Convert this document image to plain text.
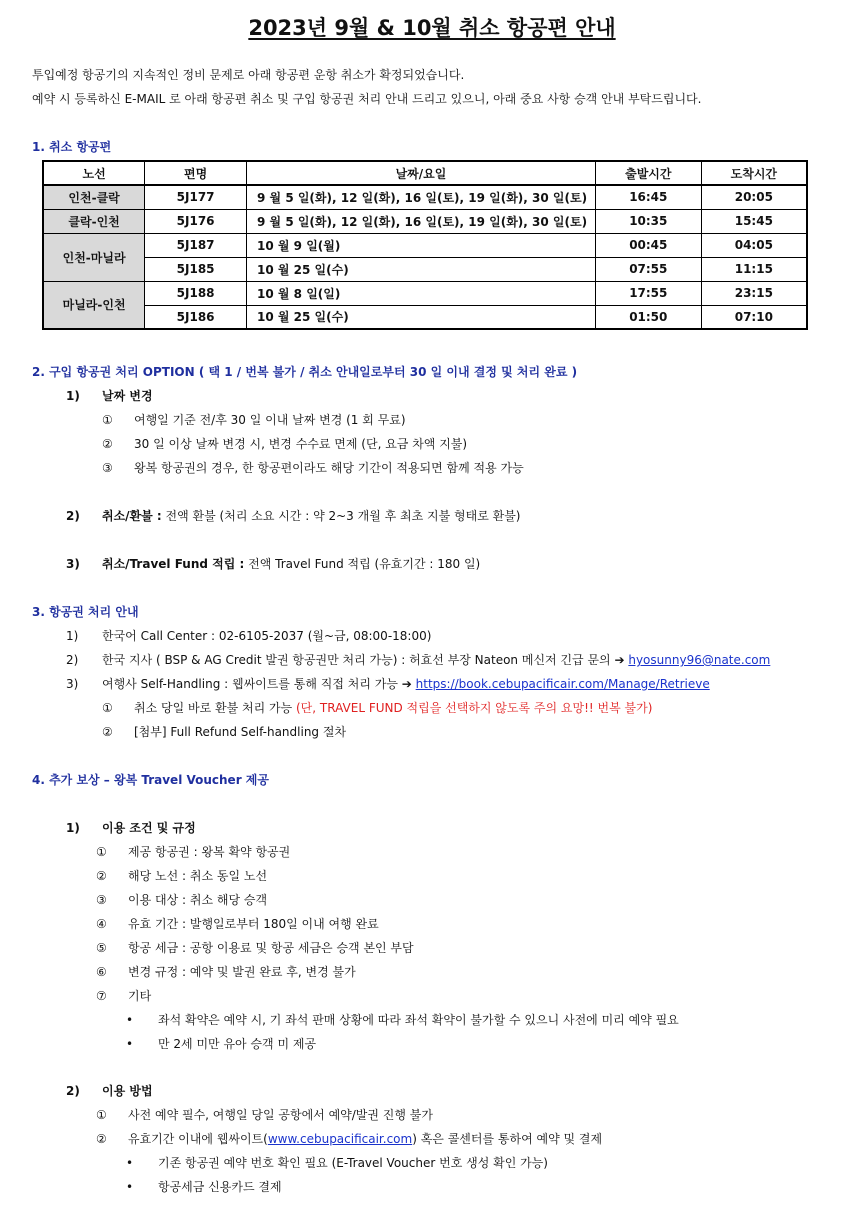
2023년 9월 & 10월 취소 항공편 안내
투입예정 항공기의 지속적인 정비 문제로 아래 항공편 운항 취소가 확정되었습니다.
예약 시 등록하신 E-MAIL 로 아래 항공편 취소 및 구입 항공권 처리 안내 드리고 있으니, 아래 중요 사항 승객 안내 부탁드립니다.
1. 취소 항공편
노선	편명	날짜/요일	출발시간	도착시간
인천-클락	5J177	9 월 5 일(화), 12 일(화), 16 일(토), 19 일(화), 30 일(토)	16:45	20:05
클락-인천	5J176	9 월 5 일(화), 12 일(화), 16 일(토), 19 일(화), 30 일(토)	10:35	15:45
인천-마닐라	5J187	10 월 9 일(월)	00:45	04:05
	5J185	10 월 25 일(수)	07:55	11:15
마닐라-인천	5J188	10 월 8 일(일)	17:55	23:15
	5J186	10 월 25 일(수)	01:50	07:10
2. 구입 항공권 처리 OPTION ( 택 1 / 번복 불가 / 취소 안내일로부터 30 일 이내 결정 및 처리 완료 )
1) 날짜 변경
① 여행일 기준 전/후 30 일 이내 날짜 변경 (1 회 무료)
② 30 일 이상 날짜 변경 시, 변경 수수료 면제 (단, 요금 차액 지불)
③ 왕복 항공권의 경우, 한 항공편이라도 해당 기간이 적용되면 함께 적용 가능
2) 취소/환불 : 전액 환불 (처리 소요 시간 : 약 2~3 개월 후 최초 지불 형태로 환불)
3) 취소/Travel Fund 적립 : 전액 Travel Fund 적립 (유효기간 : 180 일)
3. 항공권 처리 안내
1) 한국어 Call Center : 02-6105-2037 (월~금, 08:00-18:00)
2) 한국 지사 ( BSP & AG Credit 발권 항공권만 처리 가능) : 허효선 부장 Nateon 메신저 긴급 문의 ➔ hyosunny96@nate.com
3) 여행사 Self-Handling : 웹싸이트를 통해 직접 처리 가능 ➔ https://book.cebupacificair.com/Manage/Retrieve
① 취소 당일 바로 환불 처리 가능 (단, TRAVEL FUND 적립을 선택하지 않도록 주의 요망!! 번복 불가)
② [첨부] Full Refund Self-handling 절차
4. 추가 보상 – 왕복 Travel Voucher 제공
1) 이용 조건 및 규정
① 제공 항공권 : 왕복 확약 항공권
② 해당 노선 : 취소 동일 노선
③ 이용 대상 : 취소 해당 승객
④ 유효 기간 : 발행일로부터 180일 이내 여행 완료
⑤ 항공 세금 : 공항 이용료 및 항공 세금은 승객 본인 부담
⑥ 변경 규정 : 예약 및 발권 완료 후, 변경 불가
⑦ 기타
• 좌석 확약은 예약 시, 기 좌석 판매 상황에 따라 좌석 확약이 불가할 수 있으니 사전에 미리 예약 필요
• 만 2세 미만 유아 승객 미 제공
2) 이용 방법
① 사전 예약 필수, 여행일 당일 공항에서 예약/발권 진행 불가
② 유효기간 이내에 웹싸이트(www.cebupacificair.com) 혹은 콜센터를 통하여 예약 및 결제
• 기존 항공권 예약 번호 확인 필요 (E-Travel Voucher 번호 생성 확인 가능)
• 항공세금 신용카드 결제
